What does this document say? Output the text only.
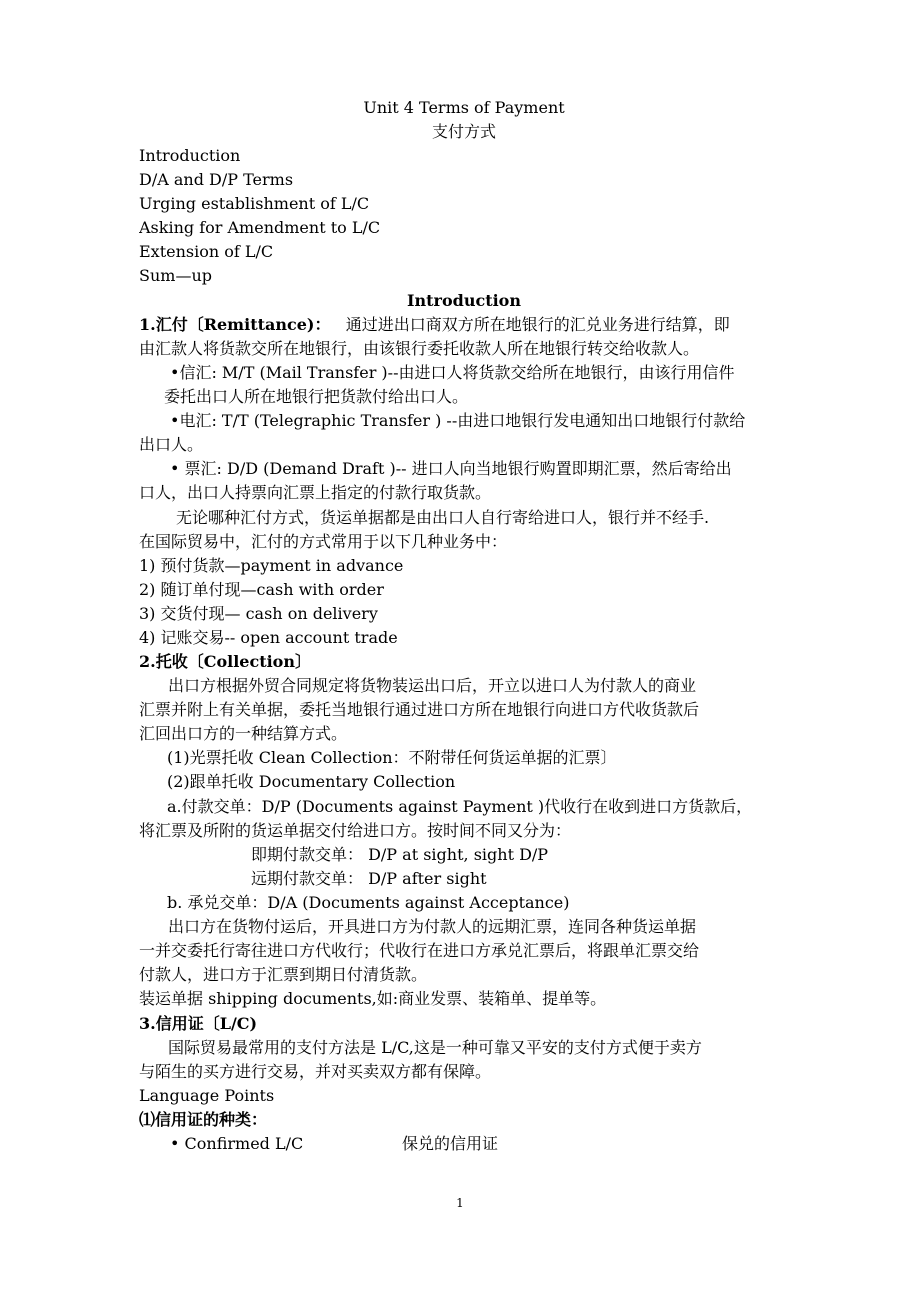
Unit 4 Terms of Payment
支付方式
Introduction
D/A and D/P Terms
Urging establishment of L/C
Asking for Amendment to L/C
Extension of L/C
Sum—up
Introduction
1.汇付〔Remittance)： 通过进出口商双方所在地银行的汇兑业务进行结算，即
由汇款人将货款交所在地银行，由该银行委托收款人所在地银行转交给收款人。
•信汇: M/T (Mail Transfer )--由进口人将货款交给所在地银行，由该行用信件
委托出口人所在地银行把货款付给出口人。
•电汇: T/T (Telegraphic Transfer ) --由进口地银行发电通知出口地银行付款给
出口人。
• 票汇: D/D (Demand Draft )-- 进口人向当地银行购置即期汇票，然后寄给出
口人，出口人持票向汇票上指定的付款行取货款。
无论哪种汇付方式，货运单据都是由出口人自行寄给进口人，银行并不经手.
在国际贸易中，汇付的方式常用于以下几种业务中：
1) 预付货款—payment in advance
2) 随订单付现—cash with order
3) 交货付现— cash on delivery
4) 记账交易-- open account trade
2.托收〔Collection〕
出口方根据外贸合同规定将货物装运出口后，开立以进口人为付款人的商业
汇票并附上有关单据，委托当地银行通过进口方所在地银行向进口方代收货款后
汇回出口方的一种结算方式。
(1)光票托收 Clean Collection：不附带任何货运单据的汇票〕
(2)跟单托收 Documentary Collection
a.付款交单：D/P (Documents against Payment )代收行在收到进口方货款后，
将汇票及所附的货运单据交付给进口方。按时间不同又分为：
即期付款交单： D/P at sight, sight D/P
远期付款交单： D/P after sight
b. 承兑交单：D/A (Documents against Acceptance)
出口方在货物付运后，开具进口方为付款人的远期汇票，连同各种货运单据
一并交委托行寄往进口方代收行；代收行在进口方承兑汇票后，将跟单汇票交给
付款人，进口方于汇票到期日付清货款。
装运单据 shipping documents,如:商业发票、装箱单、提单等。
3.信用证〔L/C)
国际贸易最常用的支付方法是 L/C,这是一种可靠又平安的支付方式便于卖方
与陌生的买方进行交易，并对买卖双方都有保障。
Language Points
⑴信用证的种类：
• Confirmed L/C	保兑的信用证
1
